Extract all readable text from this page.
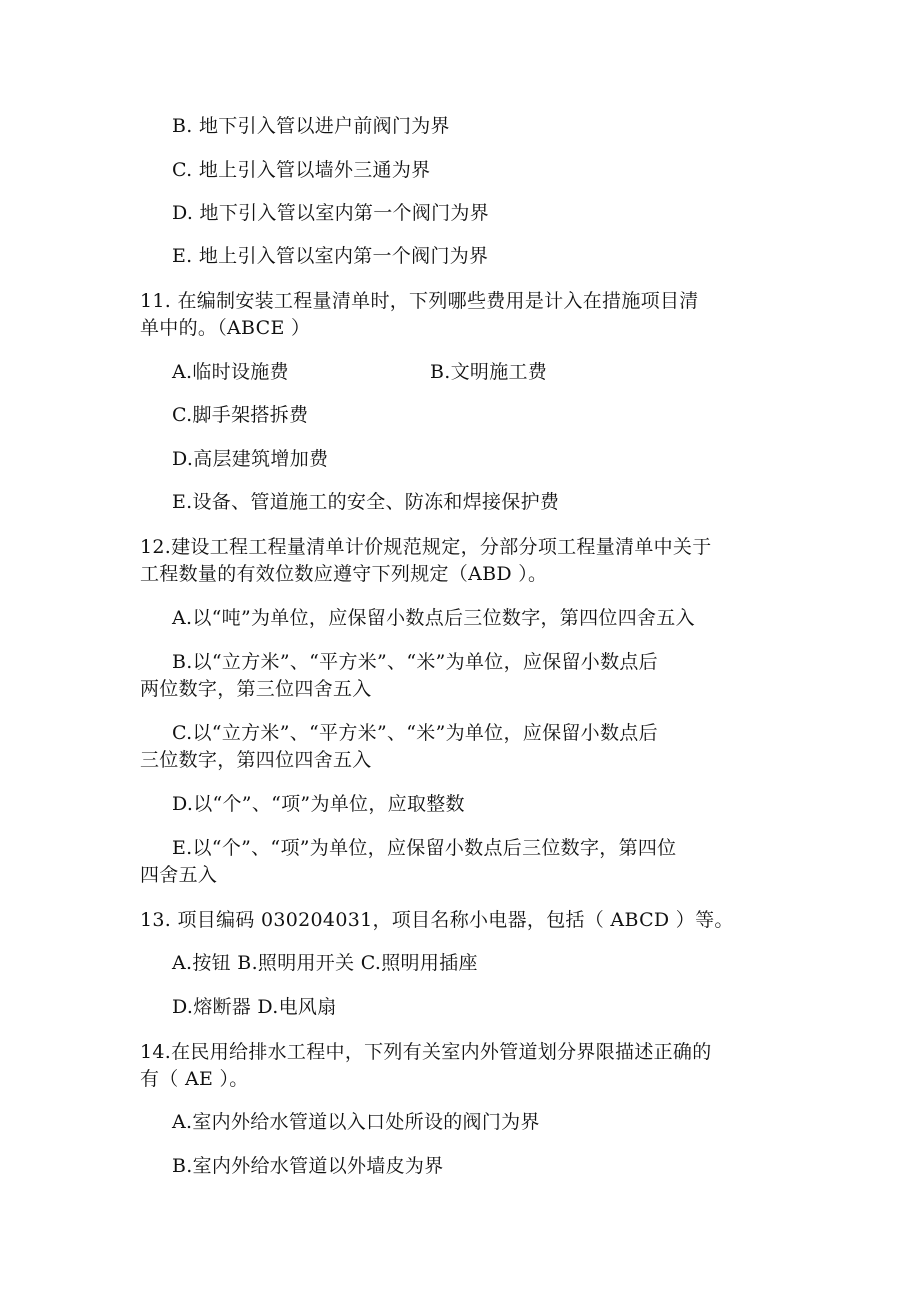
B. 地下引入管以进户前阀门为界
C. 地上引入管以墙外三通为界
D. 地下引入管以室内第一个阀门为界
E. 地上引入管以室内第一个阀门为界
11. 在编制安装工程量清单时，下列哪些费用是计入在措施项目清
单中的。（ABCE ）
A.临时设施费	B.文明施工费
C.脚手架搭拆费
D.高层建筑增加费
E.设备、管道施工的安全、防冻和焊接保护费
12.建设工程工程量清单计价规范规定，分部分项工程量清单中关于
工程数量的有效位数应遵守下列规定（ABD ）。
A.以“吨”为单位，应保留小数点后三位数字，第四位四舍五入
B.以“立方米”、“平方米”、“米”为单位，应保留小数点后
两位数字，第三位四舍五入
C.以“立方米”、“平方米”、“米”为单位，应保留小数点后
三位数字，第四位四舍五入
D.以“个”、“项”为单位，应取整数
E.以“个”、“项”为单位，应保留小数点后三位数字，第四位
四舍五入
13. 项目编码 030204031，项目名称小电器，包括（ ABCD ）等。
A.按钮 B.照明用开关 C.照明用插座
D.熔断器 D.电风扇
14.在民用给排水工程中，下列有关室内外管道划分界限描述正确的
有（ AE ）。
A.室内外给水管道以入口处所设的阀门为界
B.室内外给水管道以外墙皮为界
